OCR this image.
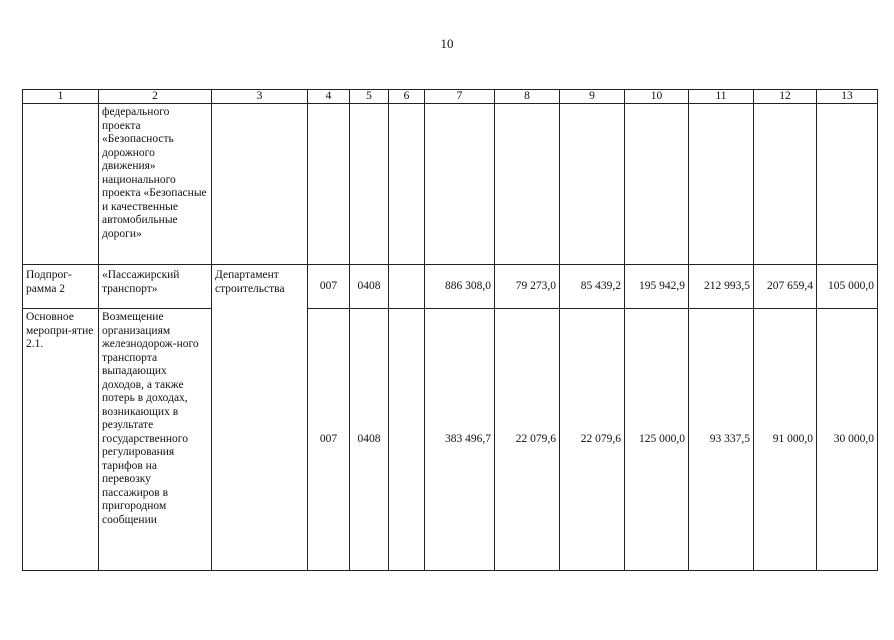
10
1	2	3	4	5	6	7	8	9	10	11	12	13
	федерального проекта «Безопасность дорожного движения» национального проекта «Безопасные и качественные автомобильные дороги»											
Подпрог-рамма 2	«Пассажирский транспорт»	Департамент строительства	007	0408		886 308,0	79 273,0	85 439,2	195 942,9	212 993,5	207 659,4	105 000,0
Основное меропри-ятие 2.1.	Возмещение организациям железнодорож-ного транспорта выпадающих доходов, а также потерь в доходах, возникающих в результате государственного регулирования тарифов на перевозку пассажиров в пригородном сообщении		007	0408		383 496,7	22 079,6	22 079,6	125 000,0	93 337,5	91 000,0	30 000,0
